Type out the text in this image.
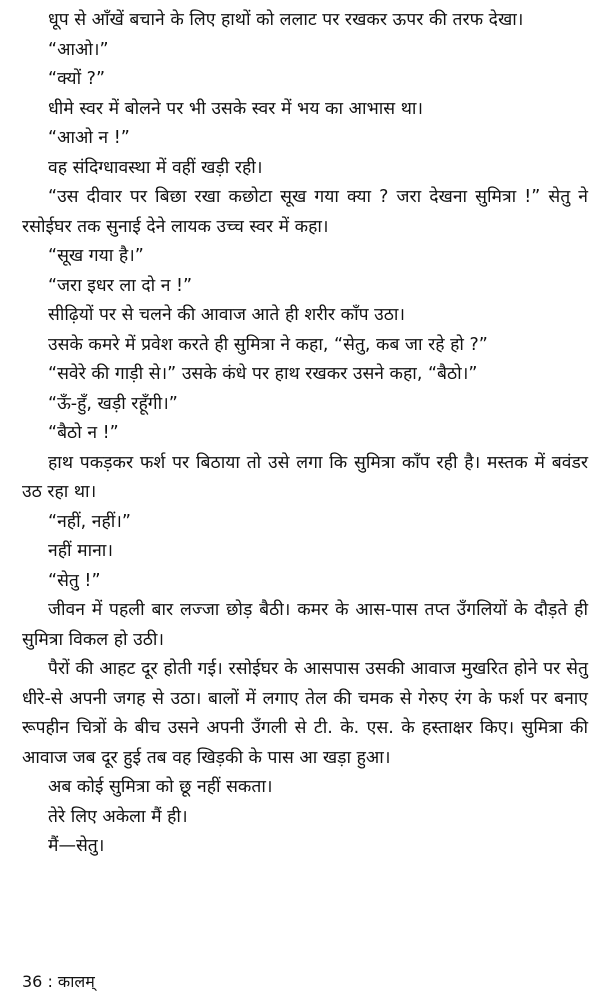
धूप से आँखें बचाने के लिए हाथों को ललाट पर रखकर ऊपर की तरफ देखा।

“आओ।”

“क्यों ?”

धीमे स्वर में बोलने पर भी उसके स्वर में भय का आभास था।

“आओ न !”

वह संदिग्धावस्था में वहीं खड़ी रही।

“उस दीवार पर बिछा रखा कछोटा सूख गया क्या ? जरा देखना सुमित्रा !” सेतु ने रसोईघर तक सुनाई देने लायक उच्च स्वर में कहा।

“सूख गया है।”

“जरा इधर ला दो न !”

सीढ़ियों पर से चलने की आवाज आते ही शरीर काँप उठा।

उसके कमरे में प्रवेश करते ही सुमित्रा ने कहा, “सेतु, कब जा रहे हो ?”

“सवेरे की गाड़ी से।” उसके कंधे पर हाथ रखकर उसने कहा, “बैठो।”

“ऊँ-हुँ, खड़ी रहूँगी।”

“बैठो न !”

हाथ पकड़कर फर्श पर बिठाया तो उसे लगा कि सुमित्रा काँप रही है। मस्तक में बवंडर उठ रहा था।

“नहीं, नहीं।”

नहीं माना।

“सेतु !”

जीवन में पहली बार लज्जा छोड़ बैठी। कमर के आस-पास तप्त उँगलियों के दौड़ते ही सुमित्रा विकल हो उठी।

पैरों की आहट दूर होती गई। रसोईघर के आसपास उसकी आवाज मुखरित होने पर सेतु धीरे-से अपनी जगह से उठा। बालों में लगाए तेल की चमक से गेरुए रंग के फर्श पर बनाए रूपहीन चित्रों के बीच उसने अपनी उँगली से टी. के. एस. के हस्ताक्षर किए। सुमित्रा की आवाज जब दूर हुई तब वह खिड़की के पास आ खड़ा हुआ।

अब कोई सुमित्रा को छू नहीं सकता।

तेरे लिए अकेला मैं ही।

मैं—सेतु।

36 : कालम्
